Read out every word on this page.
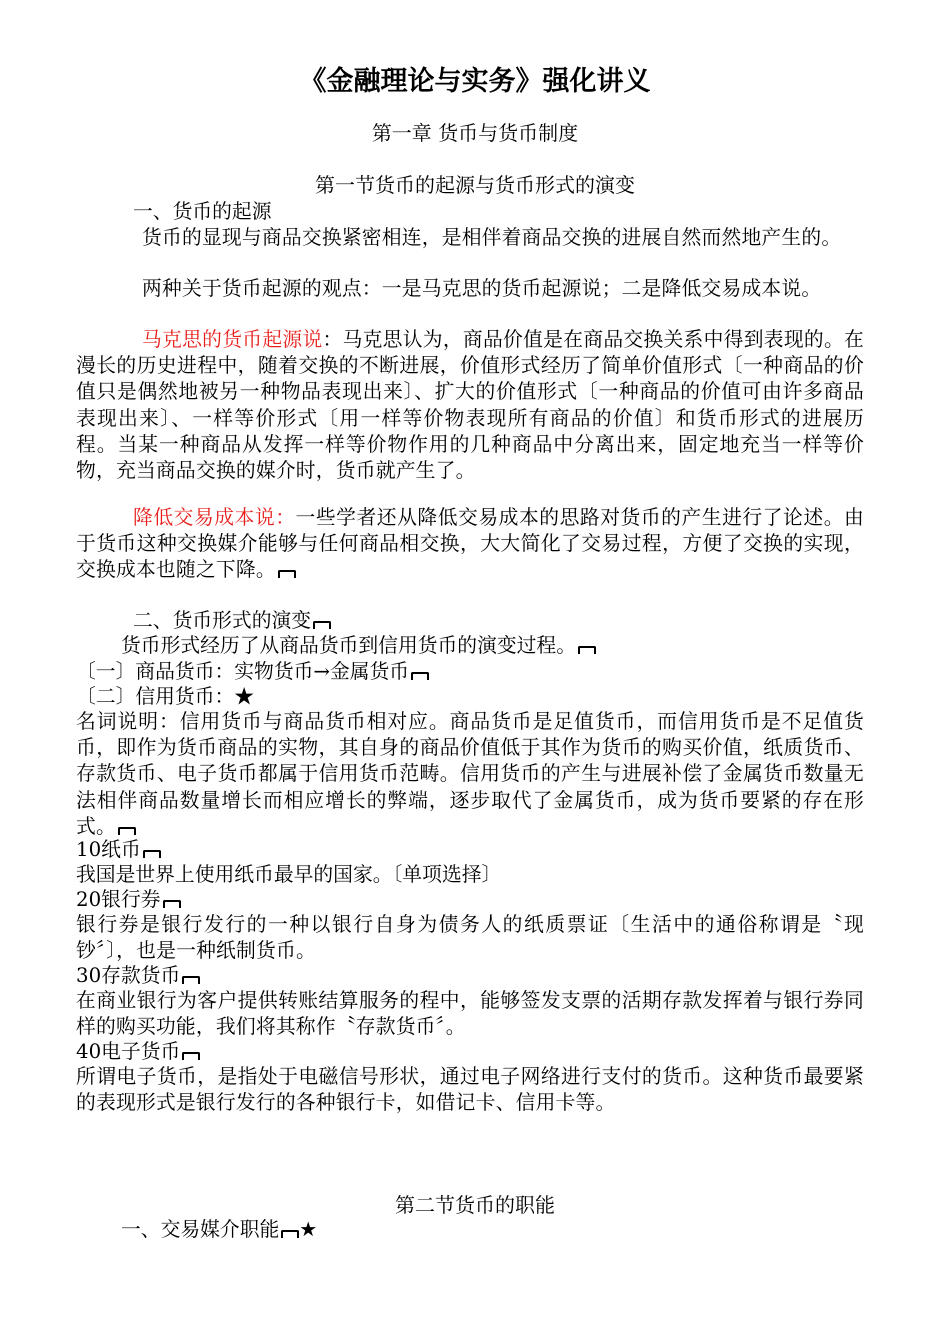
《金融理论与实务》强化讲义
第一章 货币与货币制度
第一节货币的起源与货币形式的演变
一、货币的起源
货币的显现与商品交换紧密相连，是相伴着商品交换的进展自然而然地产生的。
两种关于货币起源的观点：一是马克思的货币起源说；二是降低交易成本说。
马克思的货币起源说：马克思认为，商品价值是在商品交换关系中得到表现的。在漫长的历史进程中，随着交换的不断进展，价值形式经历了简单价值形式〔一种商品的价值只是偶然地被另一种物品表现出来〕、扩大的价值形式〔一种商品的价值可由许多商品表现出来〕、一样等价形式〔用一样等价物表现所有商品的价值〕和货币形式的进展历程。当某一种商品从发挥一样等价物作用的几种商品中分离出来，固定地充当一样等价物，充当商品交换的媒介时，货币就产生了。
降低交易成本说：一些学者还从降低交易成本的思路对货币的产生进行了论述。由于货币这种交换媒介能够与任何商品相交换，大大简化了交易过程，方便了交换的实现，交换成本也随之下降。
二、货币形式的演变
货币形式经历了从商品货币到信用货币的演变过程。
〔一〕商品货币：实物货币→金属货币
〔二〕信用货币：★
名词说明：信用货币与商品货币相对应。商品货币是足值货币，而信用货币是不足值货币，即作为货币商品的实物，其自身的商品价值低于其作为货币的购买价值，纸质货币、存款货币、电子货币都属于信用货币范畴。信用货币的产生与进展补偿了金属货币数量无法相伴商品数量增长而相应增长的弊端，逐步取代了金属货币，成为货币要紧的存在形式。
10纸币
我国是世界上使用纸币最早的国家。〔单项选择〕
20银行券
银行券是银行发行的一种以银行自身为债务人的纸质票证〔生活中的通俗称谓是〝现钞〞〕，也是一种纸制货币。
30存款货币
在商业银行为客户提供转账结算服务的程中，能够签发支票的活期存款发挥着与银行券同样的购买功能，我们将其称作〝存款货币〞。
40电子货币
所谓电子货币，是指处于电磁信号形状，通过电子网络进行支付的货币。这种货币最要紧的表现形式是银行发行的各种银行卡，如借记卡、信用卡等。
第二节货币的职能
一、交易媒介职能 ★
